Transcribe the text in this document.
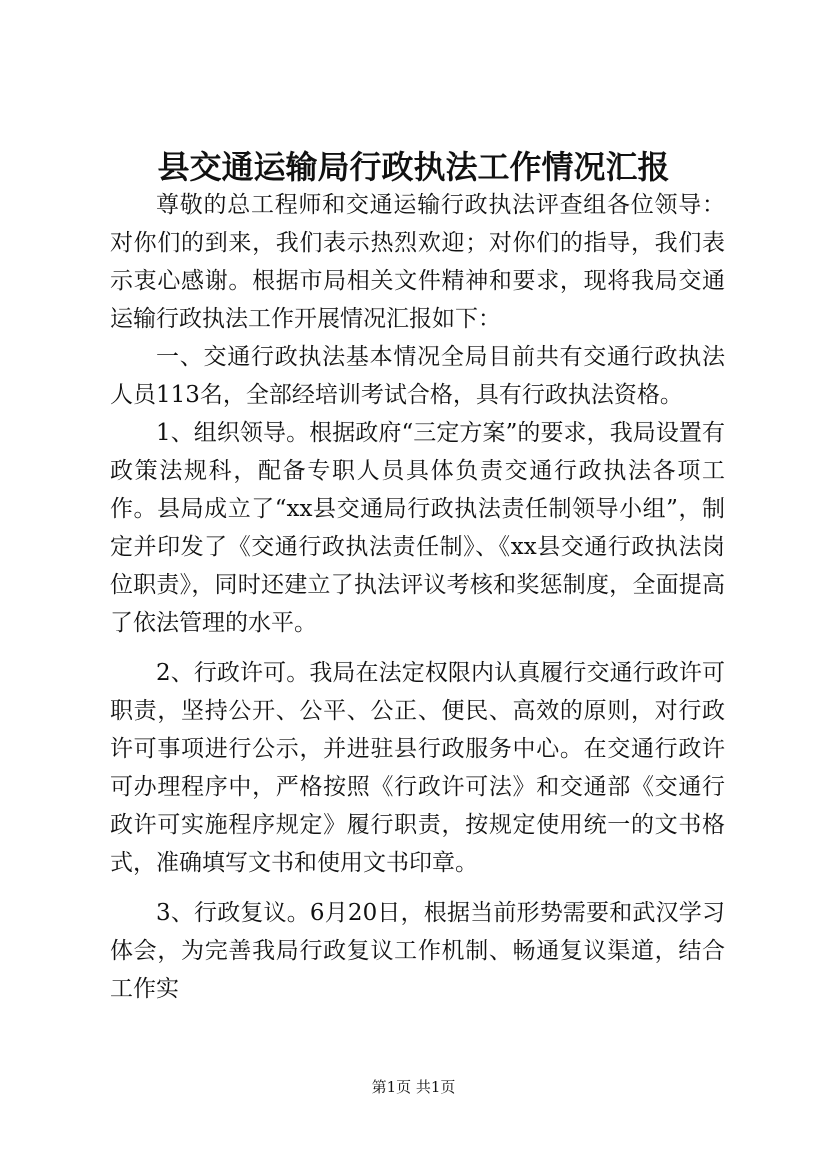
县交通运输局行政执法工作情况汇报

尊敬的总工程师和交通运输行政执法评查组各位领导：对你们的到来，我们表示热烈欢迎；对你们的指导，我们表示衷心感谢。根据市局相关文件精神和要求，现将我局交通运输行政执法工作开展情况汇报如下：

一、交通行政执法基本情况全局目前共有交通行政执法人员113名，全部经培训考试合格，具有行政执法资格。

1、组织领导。根据政府“三定方案”的要求，我局设置有政策法规科，配备专职人员具体负责交通行政执法各项工作。县局成立了“xx县交通局行政执法责任制领导小组”，制定并印发了《交通行政执法责任制》、《xx县交通行政执法岗位职责》，同时还建立了执法评议考核和奖惩制度，全面提高了依法管理的水平。

2、行政许可。我局在法定权限内认真履行交通行政许可职责，坚持公开、公平、公正、便民、高效的原则，对行政许可事项进行公示，并进驻县行政服务中心。在交通行政许可办理程序中，严格按照《行政许可法》和交通部《交通行政许可实施程序规定》履行职责，按规定使用统一的文书格式，准确填写文书和使用文书印章。

3、行政复议。6月20日，根据当前形势需要和武汉学习体会，为完善我局行政复议工作机制、畅通复议渠道，结合工作实

第1页 共1页
